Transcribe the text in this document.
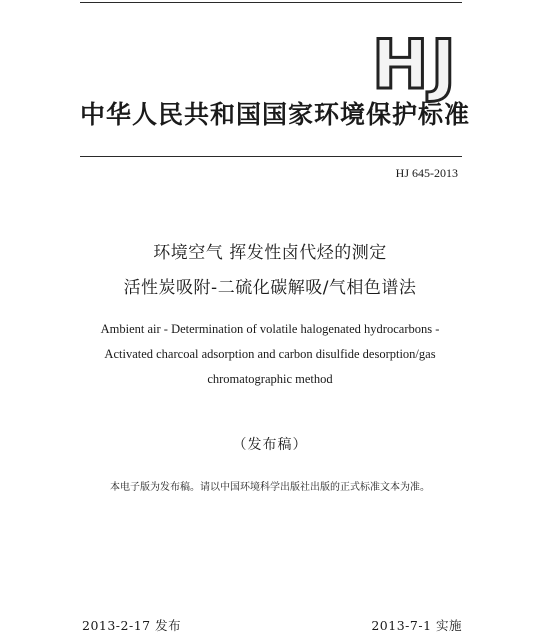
HJ
中华人民共和国国家环境保护标准
HJ 645-2013
环境空气 挥发性卤代烃的测定
活性炭吸附-二硫化碳解吸/气相色谱法
Ambient air - Determination of volatile halogenated hydrocarbons -
Activated charcoal adsorption and carbon disulfide desorption/gas
chromatographic method
（发布稿）
本电子版为发布稿。请以中国环境科学出版社出版的正式标准文本为准。
2013-2-17 发布	2013-7-1 实施
